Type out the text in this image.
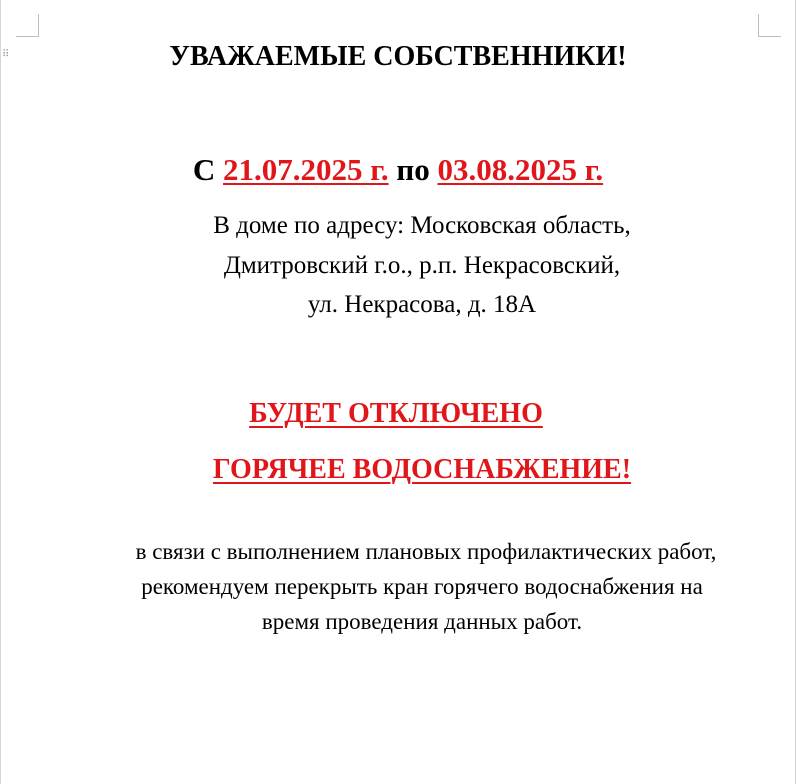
⠿	УВАЖАЕМЫЕ СОБСТВЕННИКИ!
С 21.07.2025 г. по 03.08.2025 г.
В доме по адресу: Московская область,
Дмитровский г.о., р.п. Некрасовский,
ул. Некрасова, д. 18А
БУДЕТ ОТКЛЮЧЕНО
ГОРЯЧЕЕ ВОДОСНАБЖЕНИЕ!
в связи с выполнением плановых профилактических работ,
рекомендуем перекрыть кран горячего водоснабжения на
время проведения данных работ.
